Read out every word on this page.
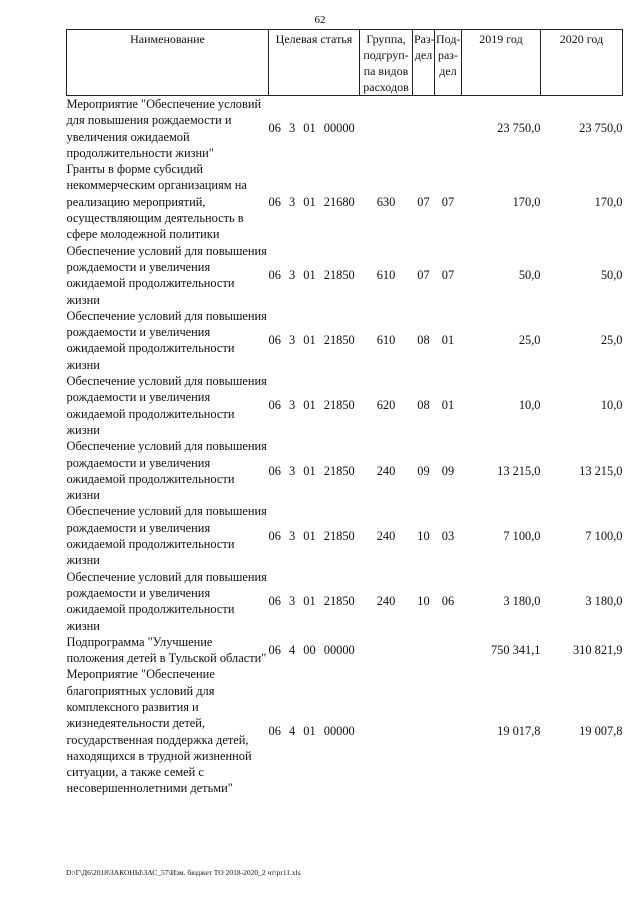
62
Наименование	Целевая статья	Группа, подгруп-па видов расходов	Раз-дел	Под-раз-дел	2019 год	2020 год
Мероприятие "Обеспечение условий для повышения рождаемости и увеличения ожидаемой продолжительности жизни"	06 3 01 00000				23 750,0	23 750,0
Гранты в форме субсидий некоммерческим организациям на реализацию мероприятий, осуществляющим деятельность в сфере молодежной политики	06 3 01 21680	630	07	07	170,0	170,0
Обеспечение условий для повышения рождаемости и увеличения ожидаемой продолжительности жизни	06 3 01 21850	610	07	07	50,0	50,0
Обеспечение условий для повышения рождаемости и увеличения ожидаемой продолжительности жизни	06 3 01 21850	610	08	01	25,0	25,0
Обеспечение условий для повышения рождаемости и увеличения ожидаемой продолжительности жизни	06 3 01 21850	620	08	01	10,0	10,0
Обеспечение условий для повышения рождаемости и увеличения ожидаемой продолжительности жизни	06 3 01 21850	240	09	09	13 215,0	13 215,0
Обеспечение условий для повышения рождаемости и увеличения ожидаемой продолжительности жизни	06 3 01 21850	240	10	03	7 100,0	7 100,0
Обеспечение условий для повышения рождаемости и увеличения ожидаемой продолжительности жизни	06 3 01 21850	240	10	06	3 180,0	3 180,0
Подпрограмма "Улучшение положения детей в Тульской области"	06 4 00 00000				750 341,1	310 821,9
Мероприятие "Обеспечение благоприятных условий для комплексного развития и жизнедеятельности детей, государственная поддержка детей, находящихся в трудной жизненной ситуации, а также семей с несовершеннолетними детьми"	06 4 01 00000				19 017,8	19 007,8
D:\Г\Д6\2018\ЗАКОНЫ\ЗАС_57\Изм. бюджет ТО 2018-2020_2 чт\pr11.xls
